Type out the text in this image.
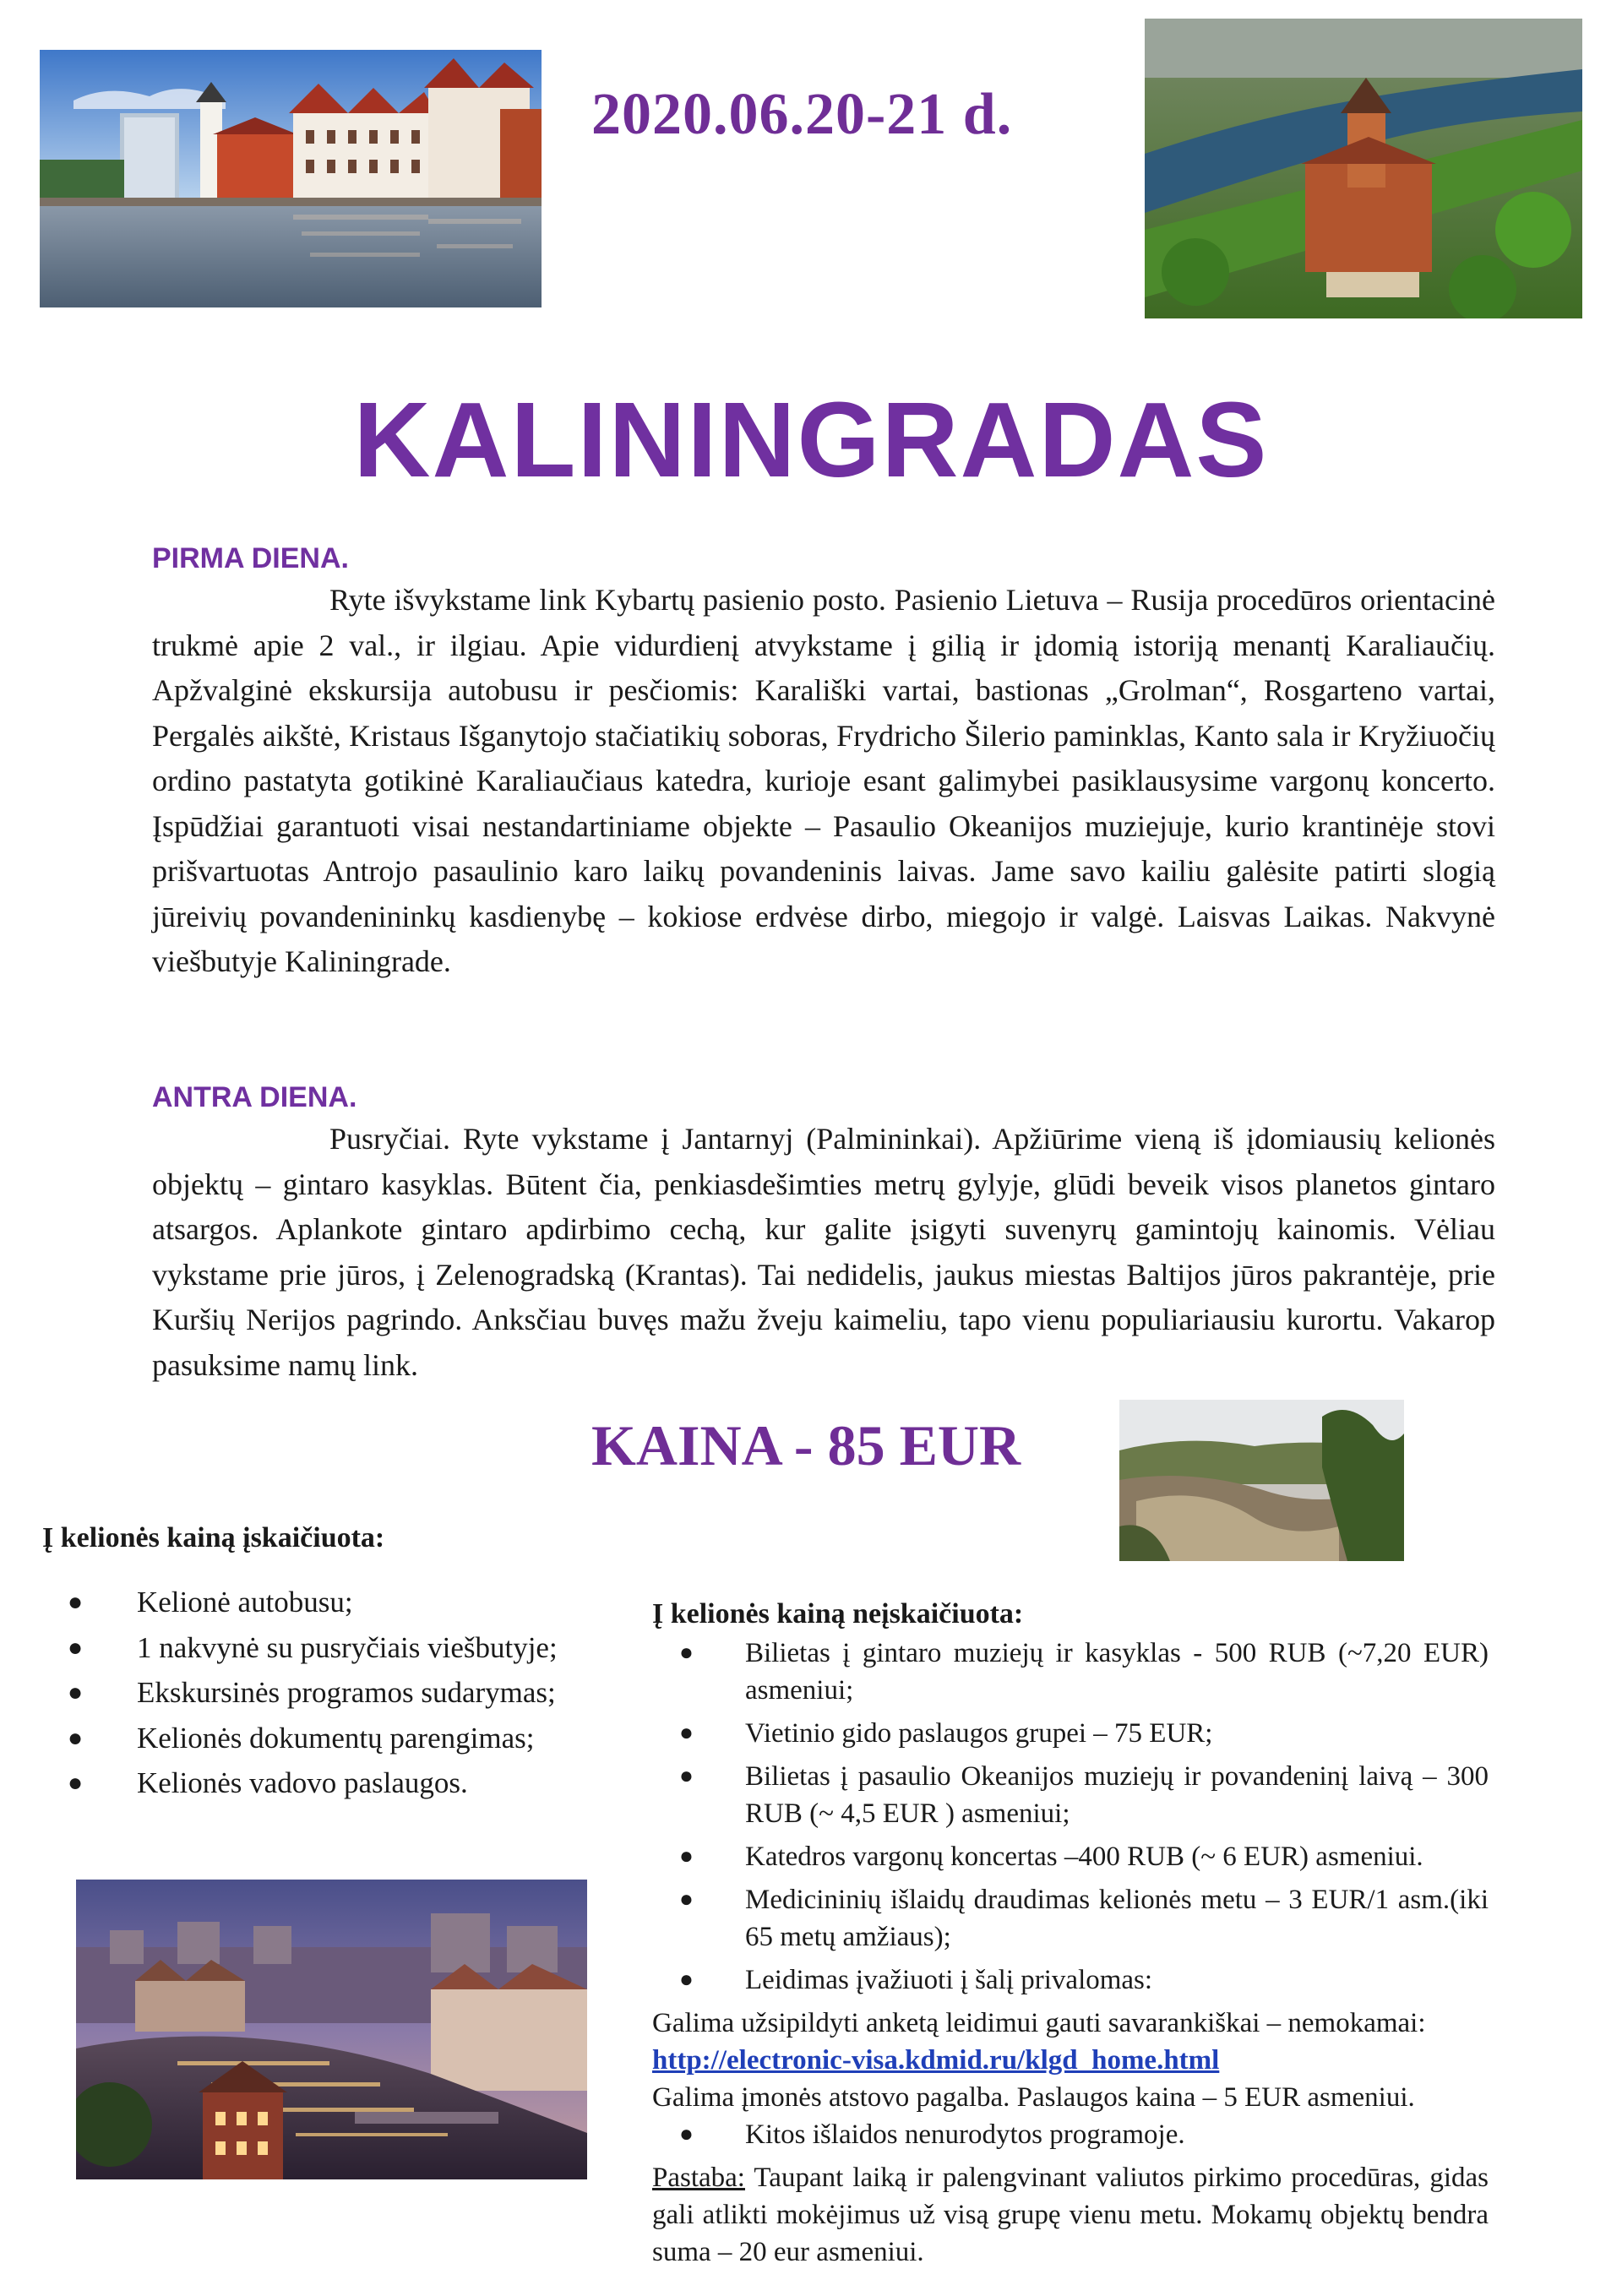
2020.06.20-21 d.
KALININGRADAS
PIRMA DIENA.
Ryte išvykstame link Kybartų pasienio posto. Pasienio Lietuva – Rusija procedūros orientacinė trukmė apie 2 val., ir ilgiau. Apie vidurdienį atvykstame į gilią ir įdomią istoriją menantį Karaliaučių. Apžvalginė ekskursija autobusu ir pesčiomis: Karališki vartai, bastionas „Grolman“, Rosgarteno vartai, Pergalės aikštė, Kristaus Išganytojo stačiatikių soboras, Frydricho Šilerio paminklas, Kanto sala ir Kryžiuočių ordino pastatyta gotikinė Karaliaučiaus katedra, kurioje esant galimybei pasiklausysime vargonų koncerto. Įspūdžiai garantuoti visai nestandartiniame objekte – Pasaulio Okeanijos muziejuje, kurio krantinėje stovi prišvartuotas Antrojo pasaulinio karo laikų povandeninis laivas. Jame savo kailiu galėsite patirti slogią jūreivių povandenininkų kasdienybę – kokiose erdvėse dirbo, miegojo ir valgė. Laisvas Laikas. Nakvynė viešbutyje Kaliningrade.
ANTRA DIENA.
Pusryčiai. Ryte vykstame į Jantarnyj (Palmininkai). Apžiūrime vieną iš įdomiausių kelionės objektų – gintaro kasyklas. Būtent čia, penkiasdešimties metrų gylyje, glūdi beveik visos planetos gintaro atsargos. Aplankote gintaro apdirbimo cechą, kur galite įsigyti suvenyrų gamintojų kainomis. Vėliau vykstame prie jūros, į Zelenogradską (Krantas). Tai nedidelis, jaukus miestas Baltijos jūros pakrantėje, prie Kuršių Nerijos pagrindo. Anksčiau buvęs mažu žveju kaimeliu, tapo vienu populiariausiu kurortu. Vakarop pasuksime namų link.
KAINA - 85 EUR
Į kelionės kainą įskaičiuota:
● Kelionė autobusu;
● 1 nakvynė su pusryčiais viešbutyje;
● Ekskursinės programos sudarymas;
● Kelionės dokumentų parengimas;
● Kelionės vadovo paslaugos.
Į kelionės kainą neįskaičiuota:
● Bilietas į gintaro muziejų ir kasyklas - 500 RUB (~7,20 EUR) asmeniui;
● Vietinio gido paslaugos grupei – 75 EUR;
● Bilietas į pasaulio Okeanijos muziejų ir povandeninį laivą – 300 RUB (~ 4,5 EUR ) asmeniui;
● Katedros vargonų koncertas –400 RUB (~ 6 EUR) asmeniui.
● Medicininių išlaidų draudimas kelionės metu – 3 EUR/1 asm.(iki 65 metų amžiaus);
● Leidimas įvažiuoti į šalį privalomas:
Galima užsipildyti anketą leidimui gauti savarankiškai – nemokamai:
http://electronic-visa.kdmid.ru/klgd_home.html
Galima įmonės atstovo pagalba. Paslaugos kaina – 5 EUR asmeniui.
● Kitos išlaidos nenurodytos programoje.
Pastaba: Taupant laiką ir palengvinant valiutos pirkimo procedūras, gidas gali atlikti mokėjimus už visą grupę vienu metu. Mokamų objektų bendra suma – 20 eur asmeniui.
